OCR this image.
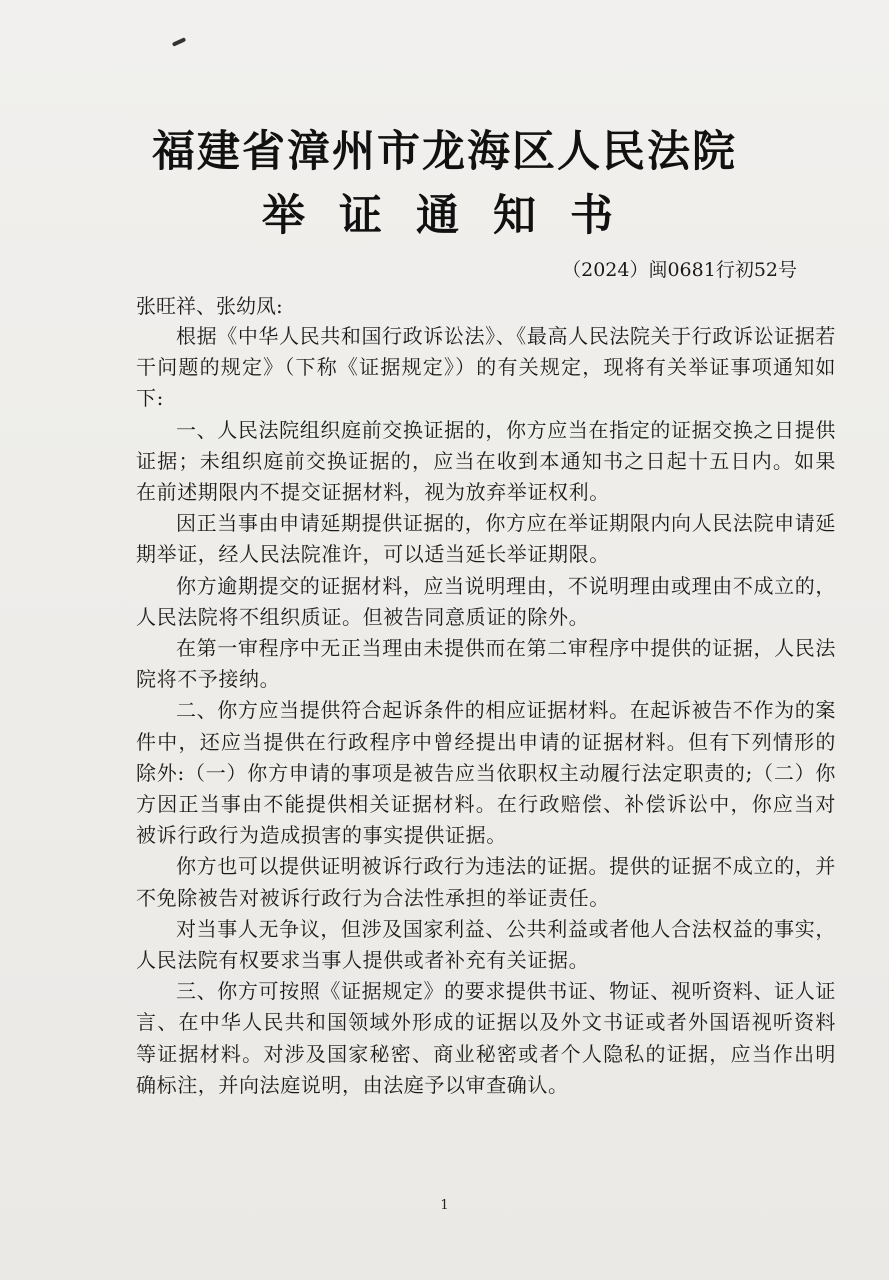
福建省漳州市龙海区人民法院
举证通知书
（2024）闽0681行初52号
张旺祥、张幼凤:

根据《中华人民共和国行政诉讼法》、《最高人民法院关于行政诉讼证据若干问题的规定》（下称《证据规定》）的有关规定，现将有关举证事项通知如下:

一、人民法院组织庭前交换证据的，你方应当在指定的证据交换之日提供证据；未组织庭前交换证据的，应当在收到本通知书之日起十五日内。如果在前述期限内不提交证据材料，视为放弃举证权利。

因正当事由申请延期提供证据的，你方应在举证期限内向人民法院申请延期举证，经人民法院准许，可以适当延长举证期限。

你方逾期提交的证据材料，应当说明理由，不说明理由或理由不成立的，人民法院将不组织质证。但被告同意质证的除外。

在第一审程序中无正当理由未提供而在第二审程序中提供的证据，人民法院将不予接纳。

二、你方应当提供符合起诉条件的相应证据材料。在起诉被告不作为的案件中，还应当提供在行政程序中曾经提出申请的证据材料。但有下列情形的除外:（一）你方申请的事项是被告应当依职权主动履行法定职责的;（二）你方因正当事由不能提供相关证据材料。在行政赔偿、补偿诉讼中，你应当对被诉行政行为造成损害的事实提供证据。

你方也可以提供证明被诉行政行为违法的证据。提供的证据不成立的，并不免除被告对被诉行政行为合法性承担的举证责任。

对当事人无争议，但涉及国家利益、公共利益或者他人合法权益的事实，人民法院有权要求当事人提供或者补充有关证据。

三、你方可按照《证据规定》的要求提供书证、物证、视听资料、证人证言、在中华人民共和国领域外形成的证据以及外文书证或者外国语视听资料等证据材料。对涉及国家秘密、商业秘密或者个人隐私的证据，应当作出明确标注，并向法庭说明，由法庭予以审查确认。

1
